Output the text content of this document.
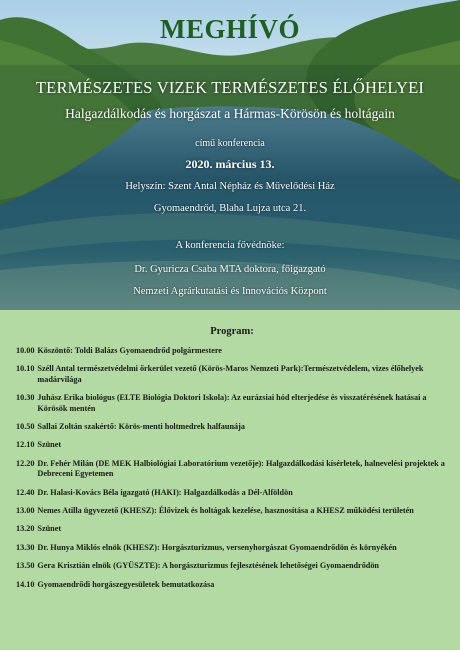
MEGHÍVÓ
TERMÉSZETES VIZEK TERMÉSZETES ÉLŐHELYEI
Halgazdálkodás és horgászat a Hármas-Körösön és holtágain
című konferencia
2020. március 13.
Helyszín: Szent Antal Népház és Művelődési Ház
Gyomaendrőd, Blaha Lujza utca 21.
A konferencia fővédnöke:
Dr. Gyuricza Csaba MTA doktora, főigazgató
Nemzeti Agrárkutatási és Innovációs Központ
Program:
10.00 Köszöntő: Toldi Balázs Gyomaendrőd polgármestere
10.10 Széll Antal természetvédelmi őrkerület vezető (Körös-Maros Nemzeti Park):Természetvédelem, vizes élőhelyek madárvilága
10.30 Juhász Erika biológus (ELTE Biológia Doktori Iskola): Az eurázsiai hód elterjedése és visszatérésének hatásai a Körösök mentén
10.50 Sallai Zoltán szakértő: Körös-menti holtmedrek halfaunája
12.10 Szünet
12.20 Dr. Fehér Milán (DE MEK Halbiológiai Laboratórium vezetője): Halgazdálkodási kísérletek, halnevelési projektek a Debreceni Egyetemen
12.40 Dr. Halasi-Kovács Béla igazgató (HAKI): Halgazdálkodás a Dél-Alföldön
13.00 Nemes Atilla ügyvezető (KHESZ): Élővizek és holtágak kezelése, hasznosítása a KHESZ működési területén
13.20 Szünet
13.30 Dr. Hunya Miklós elnök (KHESZ): Horgászturizmus, versenyhorgászat Gyomaendrődön és környékén
13.50 Gera Krisztián elnök (GYÜSZTE): A horgászturizmus fejlesztésének lehetőségei Gyomaendrődön
14.10 Gyomaendrődi horgászegyesületek bemutatkozása
